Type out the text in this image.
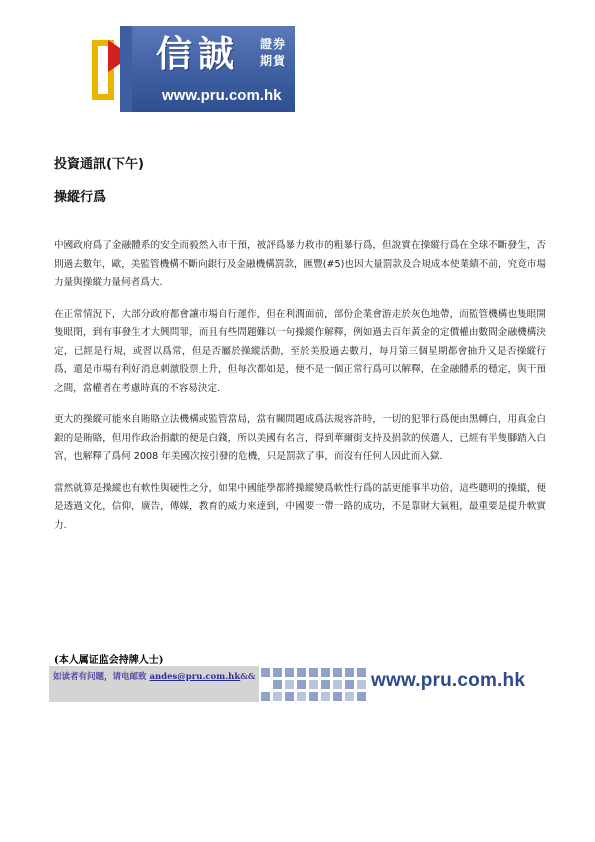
信誠 證券
期貨
www.pru.com.hk
投資通訊(下午)
操縱行爲

中國政府爲了金融體系的安全而毅然入市干預，被評爲暴力救市的粗暴行爲，但說實在操縱行爲在全球不斷發生，否則過去數年，歐，美監管機構不斷向銀行及金融機構罰款，匯豐(#5)也因大量罰款及合規成本使業績不前，究竟市場力量與操縱力量何者爲大.

在正常情況下，大部分政府都會讓市場自行運作，但在利潤面前，部份企業會游走於灰色地帶，而監管機構也隻眼開隻眼閉，到有事發生才大興問罪，而且有些問題難以一句操縱作解釋，例如過去百年黃金的定價權由數間金融機構決定，已經是行規，或習以爲常，但是否屬於操縱活動，至於美股過去數月，每月第三個星期都會抽升又是否操縱行爲，還是市場有利好消息刺激股票上升，但每次都如是，便不是一個正常行爲可以解釋，在金融體系的穩定，與干預之間，當權者在考慮時真的不容易決定.

更大的操縱可能來自賄賂立法機構或監管當局，當有關問題成爲法規容許時，一切的犯罪行爲便由黑轉白，用真金白銀的是賄賂，但用作政治捐獻的便是白錢，所以美國有名言，得到華爾街支持及捐款的侯選人，已經有半隻腳踏入白宮，也解釋了爲何 2008 年美國次按引發的危機，只是罰款了事，而沒有任何人因此而入獄.

當然就算是操縱也有軟性與硬性之分，如果中國能學都將操縱變爲軟性行爲的話更能事半功倍，這些聰明的操縱，便是透過文化，信仰，廣告，傳媒，教育的威力來達到，中國要一帶一路的成功，不是靠財大氣粗，最重要是提升軟實力.

(本人属证监会持牌人士)

如读者有问题，请电邮致 andes@pru.com.hk&&	www.pru.com.hk
